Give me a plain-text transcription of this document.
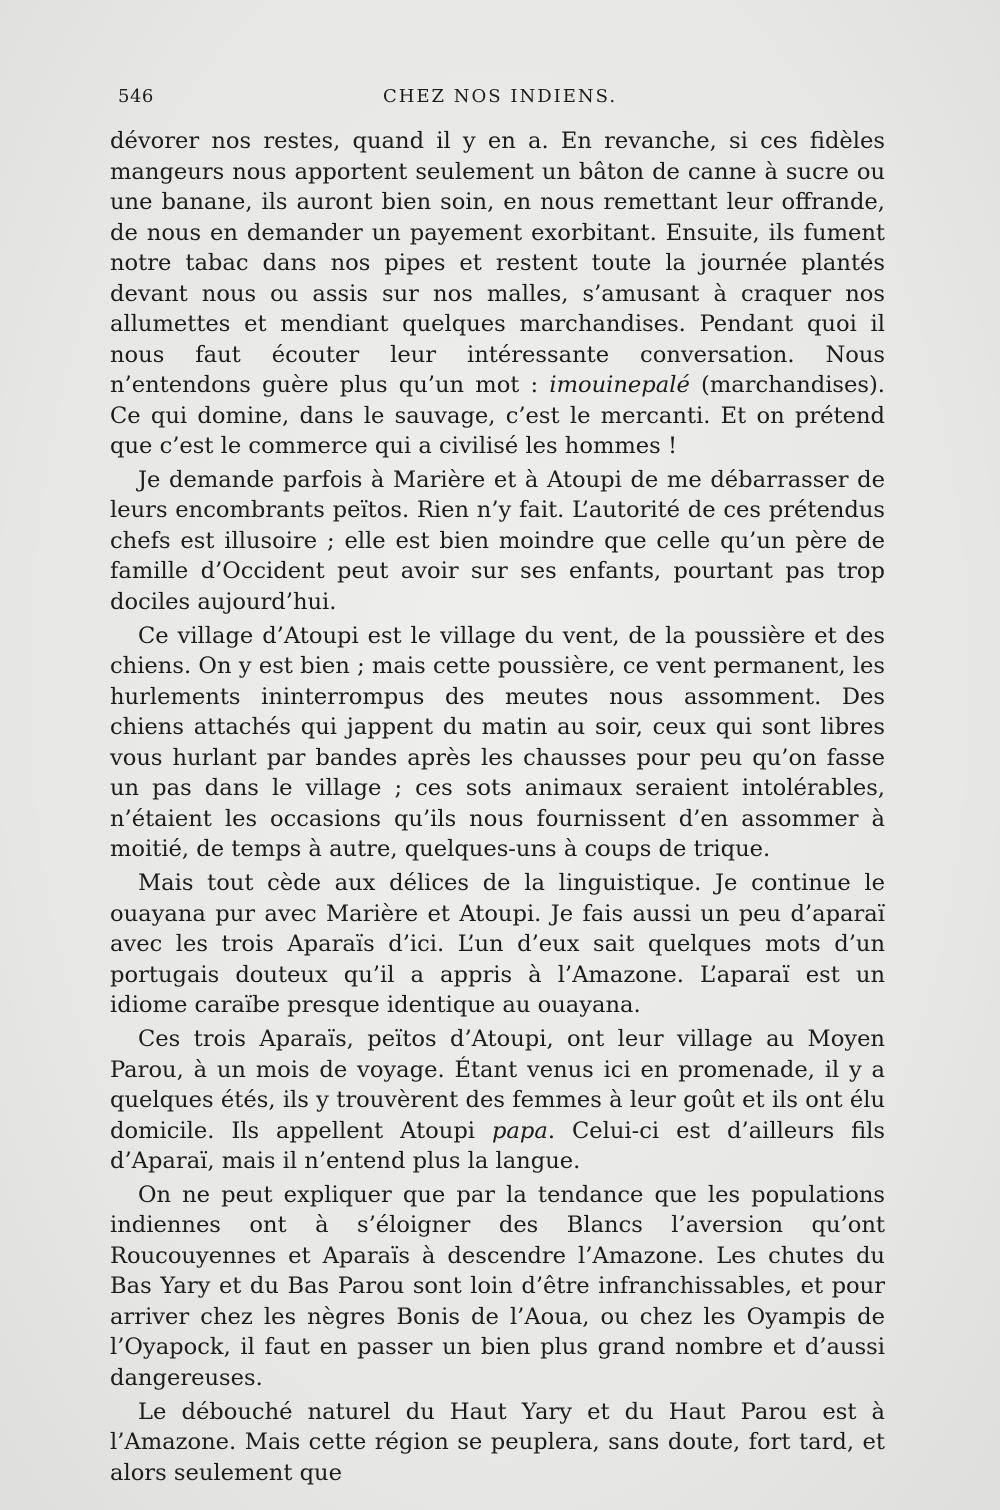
546	CHEZ NOS INDIENS.

dévorer nos restes, quand il y en a. En revanche, si ces fidèles mangeurs nous apportent seulement un bâton de canne à sucre ou une banane, ils auront bien soin, en nous remettant leur offrande, de nous en demander un payement exorbitant. Ensuite, ils fument notre tabac dans nos pipes et restent toute la journée plantés devant nous ou assis sur nos malles, s’amusant à craquer nos allumettes et mendiant quelques marchandises. Pendant quoi il nous faut écouter leur intéressante conversation. Nous n’entendons guère plus qu’un mot : imouinepalé (marchandises). Ce qui domine, dans le sauvage, c’est le mercanti. Et on prétend que c’est le commerce qui a civilisé les hommes !

Je demande parfois à Marière et à Atoupi de me débarrasser de leurs encombrants peïtos. Rien n’y fait. L’autorité de ces prétendus chefs est illusoire ; elle est bien moindre que celle qu’un père de famille d’Occident peut avoir sur ses enfants, pourtant pas trop dociles aujourd’hui.

Ce village d’Atoupi est le village du vent, de la poussière et des chiens. On y est bien ; mais cette poussière, ce vent permanent, les hurlements ininterrompus des meutes nous assomment. Des chiens attachés qui jappent du matin au soir, ceux qui sont libres vous hurlant par bandes après les chausses pour peu qu’on fasse un pas dans le village ; ces sots animaux seraient intolérables, n’étaient les occasions qu’ils nous fournissent d’en assommer à moitié, de temps à autre, quelques-uns à coups de trique.

Mais tout cède aux délices de la linguistique. Je continue le ouayana pur avec Marière et Atoupi. Je fais aussi un peu d’aparaï avec les trois Aparaïs d’ici. L’un d’eux sait quelques mots d’un portugais douteux qu’il a appris à l’Amazone. L’aparaï est un idiome caraïbe presque identique au ouayana.

Ces trois Aparaïs, peïtos d’Atoupi, ont leur village au Moyen Parou, à un mois de voyage. Étant venus ici en promenade, il y a quelques étés, ils y trouvèrent des femmes à leur goût et ils ont élu domicile. Ils appellent Atoupi papa. Celui-ci est d’ailleurs fils d’Aparaï, mais il n’entend plus la langue.

On ne peut expliquer que par la tendance que les populations indiennes ont à s’éloigner des Blancs l’aversion qu’ont Roucouyennes et Aparaïs à descendre l’Amazone. Les chutes du Bas Yary et du Bas Parou sont loin d’être infranchissables, et pour arriver chez les nègres Bonis de l’Aoua, ou chez les Oyampis de l’Oyapock, il faut en passer un bien plus grand nombre et d’aussi dangereuses.

Le débouché naturel du Haut Yary et du Haut Parou est à l’Amazone. Mais cette région se peuplera, sans doute, fort tard, et alors seulement que
